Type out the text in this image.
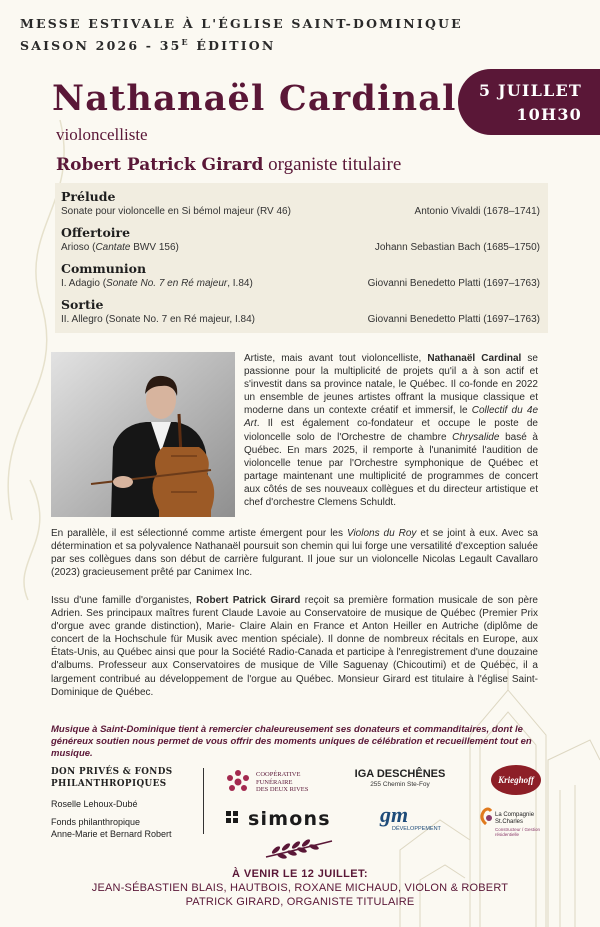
MESSE ESTIVALE À L'ÉGLISE SAINT-DOMINIQUE
SAISON $2026 - 35^E$ ÉDITION
Nathanaël Cardinal
violoncelliste
Robert Patrick Girard organiste titulaire
5 JUILLET
10H30
Prélude
Sonate pour violoncelle en Si bémol majeur (RV 46)	Antonio Vivaldi (1678–1741)
Offertoire
Arioso (Cantate BWV 156)	Johann Sebastian Bach (1685–1750)
Communion
I. Adagio (Sonate No. 7 en Ré majeur, I.84)	Giovanni Benedetto Platti (1697–1763)
Sortie
II. Allegro (Sonate No. 7 en Ré majeur, I.84)	Giovanni Benedetto Platti (1697–1763)

Artiste, mais avant tout violoncelliste, Nathanaël Cardinal se passionne pour la multiplicité de projets qu'il a à son actif et s'investit dans sa province natale, le Québec. Il co-fonde en 2022 un ensemble de jeunes artistes offrant la musique classique et moderne dans un contexte créatif et immersif, le Collectif du 4e Art. Il est également co-fondateur et occupe le poste de violoncelle solo de l'Orchestre de chambre Chrysalide basé à Québec. En mars 2025, il remporte à l'unanimité l'audition de violoncelle tenue par l'Orchestre symphonique de Québec et partage maintenant une multiplicité de programmes de concert aux côtés de ses nouveaux collègues et du directeur artistique et chef d'orchestre Clemens Schuldt.

En parallèle, il est sélectionné comme artiste émergent pour les Violons du Roy et se joint à eux. Avec sa détermination et sa polyvalence Nathanaël poursuit son chemin qui lui forge une versatilité d'exception saluée par ses collègues dans son début de carrière fulgurant. Il joue sur un violoncelle Nicolas Legault Cavallaro (2023) gracieusement prêté par Canimex Inc.

Issu d'une famille d'organistes, Robert Patrick Girard reçoit sa première formation musicale de son père Adrien. Ses principaux maîtres furent Claude Lavoie au Conservatoire de musique de Québec (Premier Prix d'orgue avec grande distinction), Marie- Claire Alain en France et Anton Heiller en Autriche (diplôme de concert de la Hochschule für Musik avec mention spéciale). Il donne de nombreux récitals en Europe, aux États-Unis, au Québec ainsi que pour la Société Radio-Canada et participe à l'enregistrement d'une douzaine d'albums. Professeur aux Conservatoires de musique de Ville Saguenay (Chicoutimi) et de Québec, il a largement contribué au développement de l'orgue au Québec. Monsieur Girard est titulaire à l'église Saint-Dominique de Québec.

Musique à Saint-Dominique tient à remercier chaleureusement ses donateurs et commanditaires, dont le généreux soutien nous permet de vous offrir des moments uniques de célébration et recueillement tout en musique.

DON PRIVÉS & FONDS
PHILANTHROPIQUES
Roselle Lehoux-Dubé
Fonds philanthropique
Anne-Marie et Bernard Robert
COOPÉRATIVE
FUNÉRAIRE
DES DEUX RIVES
IGA DESCHÊNES
255 Chemin Ste-Foy	Krieghoff
simons	gm
DÉVELOPPEMENT
La Compagnie
St.Charles
Constructeur / Gestion résidentielle
À VENIR LE 12 JUILLET:
JEAN-SÉBASTIEN BLAIS, HAUTBOIS, ROXANE MICHAUD, VIOLON & ROBERT PATRICK GIRARD, ORGANISTE TITULAIRE
